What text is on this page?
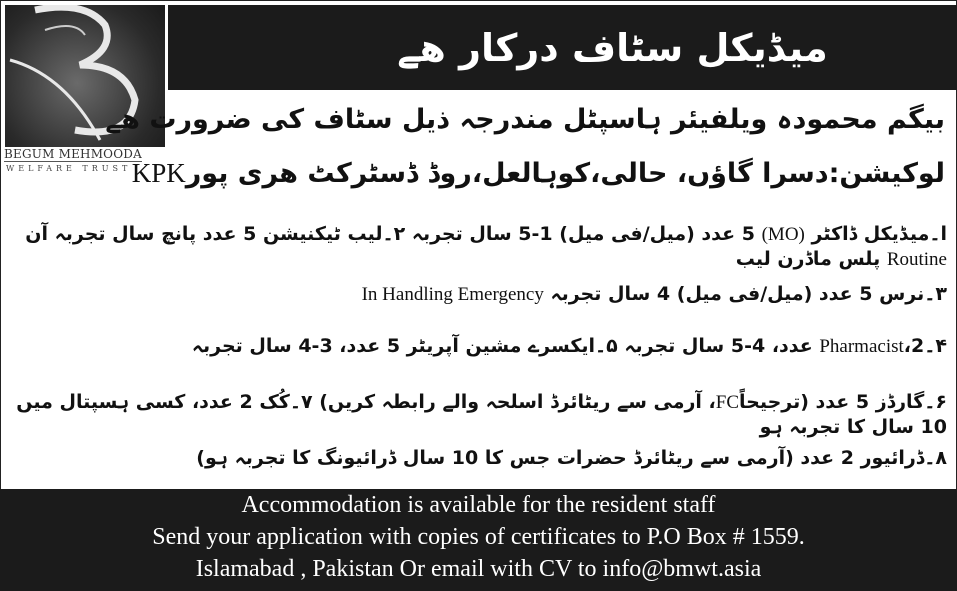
BEGUM MEHMOODA
WELFARE TRUST
میڈیکل سٹاف درکار ھے
بیگم محمودہ ویلفیئر ہاسپٹل مندرجہ ذیل سٹاف کی ضرورت ھے
لوکیشن:دسرا گاؤں، حالی،کوہالعل،روڈ ڈسٹرکٹ ھری پورKPK
ا۔میڈیکل ڈاکٹر (MO) 5 عدد (میل/فی میل) 1-5 سال تجربہ ۲۔لیب ٹیکنیشن 5 عدد پانچ سال تجربہ آن Routine پلس ماڈرن لیب
۳۔نرس 5 عدد (میل/فی میل) 4 سال تجربہ In Handling Emergency
۴۔Pharmacist،2 عدد، 4-5 سال تجربہ ۵۔ایکسرے مشین آپریٹر 5 عدد، 3-4 سال تجربہ
۶۔گارڈز 5 عدد (ترجیحاًFC، آرمی سے ریٹائرڈ اسلحہ والے رابطہ کریں) ۷۔کُک 2 عدد، کسی ہسپتال میں 10 سال کا تجربہ ہو
۸۔ڈرائیور 2 عدد (آرمی سے ریٹائرڈ حضرات جس کا 10 سال ڈرائیونگ کا تجربہ ہو)
Accommodation is available for the resident staff
Send your application with copies of certificates to P.O Box # 1559.
Islamabad , Pakistan Or email with CV to info@bmwt.asia
